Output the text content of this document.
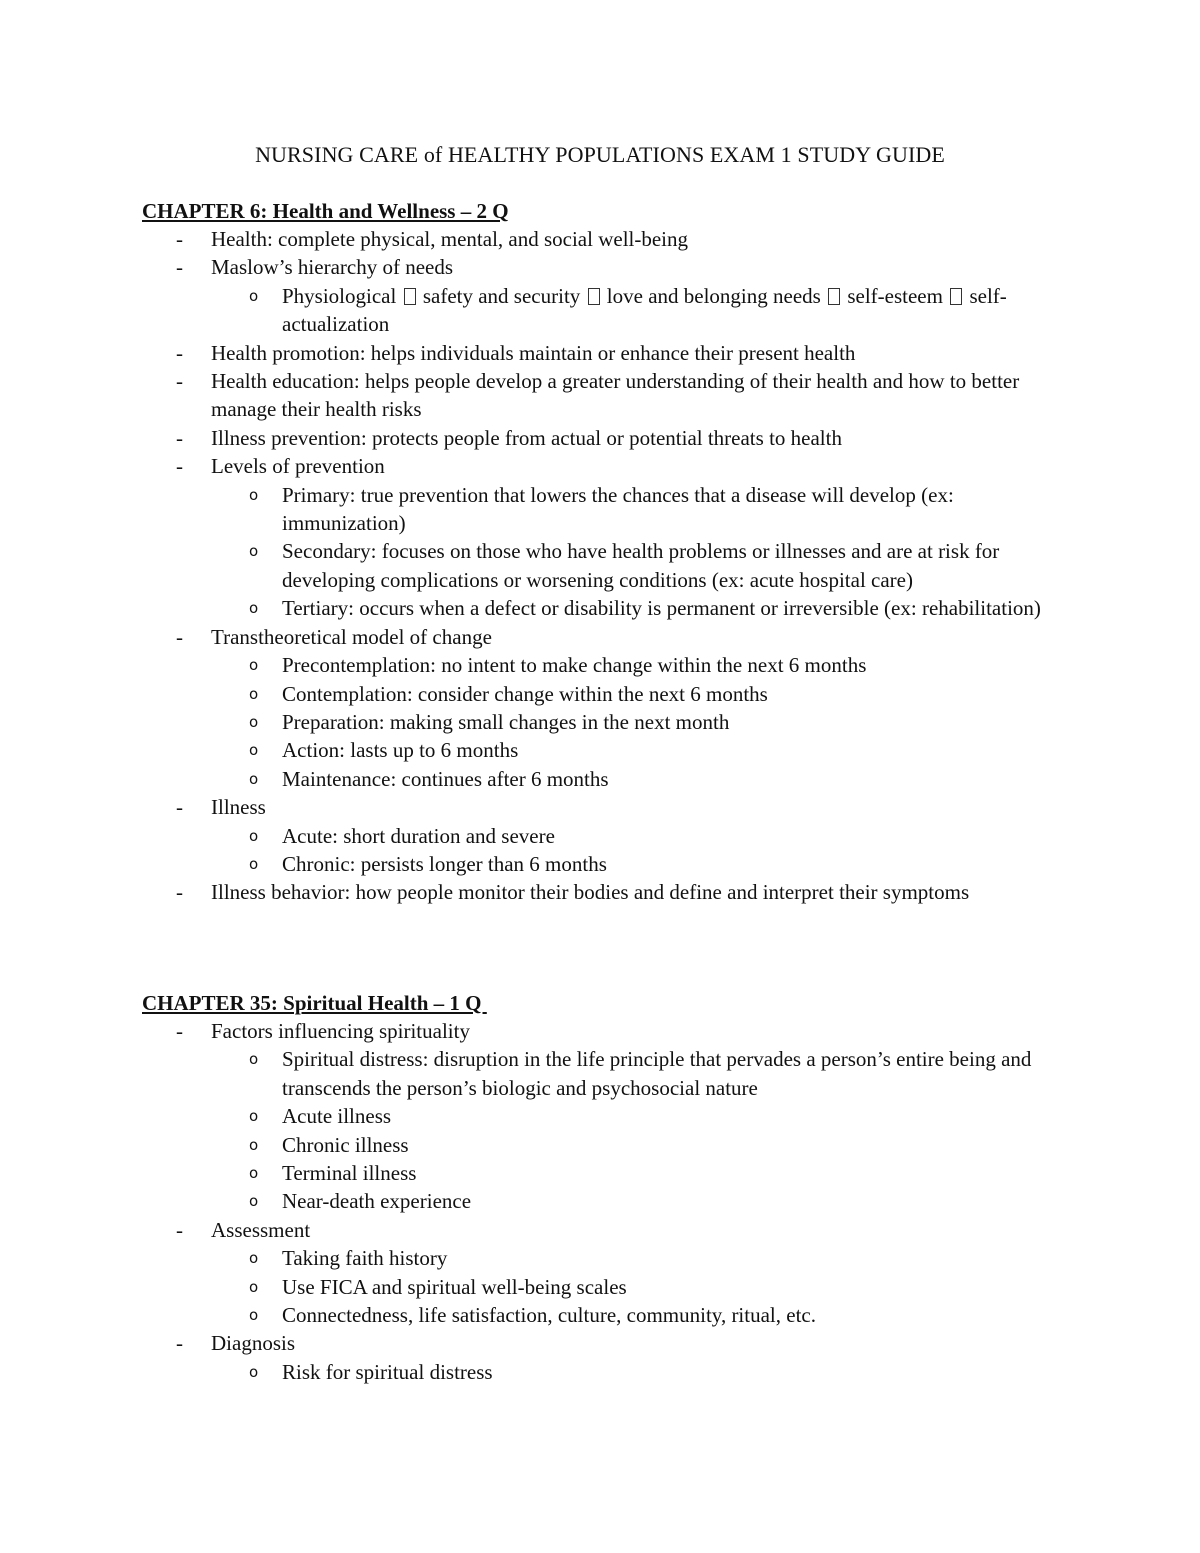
NURSING CARE of HEALTHY POPULATIONS EXAM 1 STUDY GUIDE
CHAPTER 6: Health and Wellness – 2 Q
- Health: complete physical, mental, and social well-being
- Maslow’s hierarchy of needs
o Physiological safety and security love and belonging needs self-esteem self-actualization
- Health promotion: helps individuals maintain or enhance their present health
- Health education: helps people develop a greater understanding of their health and how to better manage their health risks
- Illness prevention: protects people from actual or potential threats to health
- Levels of prevention
o Primary: true prevention that lowers the chances that a disease will develop (ex: immunization)
o Secondary: focuses on those who have health problems or illnesses and are at risk for developing complications or worsening conditions (ex: acute hospital care)
o Tertiary: occurs when a defect or disability is permanent or irreversible (ex: rehabilitation)
- Transtheoretical model of change
o Precontemplation: no intent to make change within the next 6 months
o Contemplation: consider change within the next 6 months
o Preparation: making small changes in the next month
o Action: lasts up to 6 months
o Maintenance: continues after 6 months
- Illness
o Acute: short duration and severe
o Chronic: persists longer than 6 months
- Illness behavior: how people monitor their bodies and define and interpret their symptoms
CHAPTER 35: Spiritual Health – 1 Q
- Factors influencing spirituality
o Spiritual distress: disruption in the life principle that pervades a person’s entire being and transcends the person’s biologic and psychosocial nature
o Acute illness
o Chronic illness
o Terminal illness
o Near-death experience
- Assessment
o Taking faith history
o Use FICA and spiritual well-being scales
o Connectedness, life satisfaction, culture, community, ritual, etc.
- Diagnosis
o Risk for spiritual distress
